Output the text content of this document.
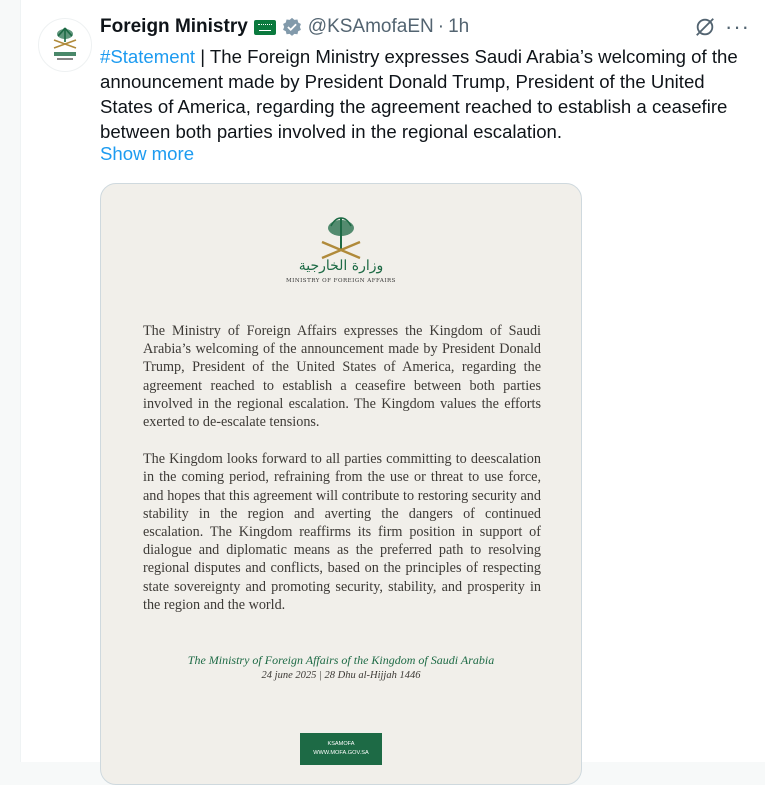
Foreign Ministry	@KSAmofaEN · 1h	···
#Statement | The Foreign Ministry expresses Saudi Arabia’s welcoming of the announcement made by President Donald Trump, President of the United States of America, regarding the agreement reached to establish a ceasefire between both parties involved in the regional escalation.
Show more
وزارة الخارجية
MINISTRY OF FOREIGN AFFAIRS

The Ministry of Foreign Affairs expresses the Kingdom of Saudi Arabia’s welcoming of the announcement made by President Donald Trump, President of the United States of America, regarding the agreement reached to establish a ceasefire between both parties involved in the regional escalation. The Kingdom values the efforts exerted to de-escalate tensions.

The Kingdom looks forward to all parties committing to deescalation in the coming period, refraining from the use or threat to use force, and hopes that this agreement will contribute to restoring security and stability in the region and averting the dangers of continued escalation. The Kingdom reaffirms its firm position in support of dialogue and diplomatic means as the preferred path to resolving regional disputes and conflicts, based on the principles of respecting state sovereignty and promoting security, stability, and prosperity in the region and the world.

The Ministry of Foreign Affairs of the Kingdom of Saudi Arabia
24 june 2025 | 28 Dhu al-Hijjah 1446
KSAMOFA
WWW.MOFA.GOV.SA
